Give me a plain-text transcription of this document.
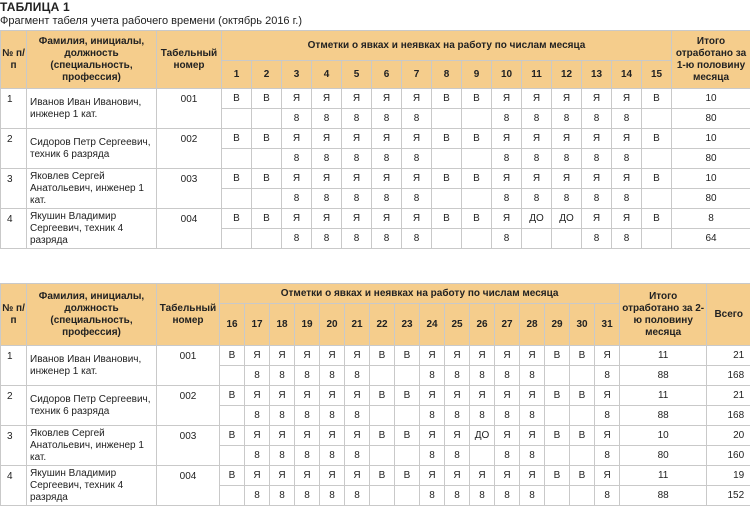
ТАБЛИЦА 1
Фрагмент табеля учета рабочего времени (октябрь 2016 г.)
№ п/п	Фамилия, инициалы, должность (специальность, профессия)	Табельный номер	Отметки о явках и неявках на работу по числам месяца															Итого отработано за 1-ю половину месяца
			1	2	3	4	5	6	7	8	9	10	11	12	13	14	15	
1	Иванов Иван Иванович, инженер 1 кат.	001	В	В	Я	Я	Я	Я	Я	В	В	Я	Я	Я	Я	Я	В	10
					8	8	8	8	8			8	8	8	8	8		80
2	Сидоров Петр Сергеевич, техник 6 разряда	002	В	В	Я	Я	Я	Я	Я	В	В	Я	Я	Я	Я	Я	В	10
					8	8	8	8	8			8	8	8	8	8		80
3	Яковлев Сергей Анатольевич, инженер 1 кат.	003	В	В	Я	Я	Я	Я	Я	В	В	Я	Я	Я	Я	Я	В	10
					8	8	8	8	8			8	8	8	8	8		80
4	Якушин Владимир Сергеевич, техник 4 разряда	004	В	В	Я	Я	Я	Я	Я	В	В	Я	ДО	ДО	Я	Я	В	8
					8	8	8	8	8			8			8	8		64
№ п/п	Фамилия, инициалы, должность (специальность, профессия)	Табельный номер	Отметки о явках и неявках на работу по числам месяца																Итого отработано за 2-ю половину месяца	Всего
			16	17	18	19	20	21	22	23	24	25	26	27	28	29	30	31		
1	Иванов Иван Иванович, инженер 1 кат.	001	В	Я	Я	Я	Я	Я	В	В	Я	Я	Я	Я	Я	В	В	Я	11	21
				8	8	8	8	8			8	8	8	8	8			8	88	168
2	Сидоров Петр Сергеевич, техник 6 разряда	002	В	Я	Я	Я	Я	Я	В	В	Я	Я	Я	Я	Я	В	В	Я	11	21
				8	8	8	8	8			8	8	8	8	8			8	88	168
3	Яковлев Сергей Анатольевич, инженер 1 кат.	003	В	Я	Я	Я	Я	Я	В	В	Я	Я	ДО	Я	Я	В	В	Я	10	20
				8	8	8	8	8			8	8		8	8			8	80	160
4	Якушин Владимир Сергеевич, техник 4 разряда	004	В	Я	Я	Я	Я	Я	В	В	Я	Я	Я	Я	Я	В	В	Я	11	19
				8	8	8	8	8			8	8	8	8	8			8	88	152
